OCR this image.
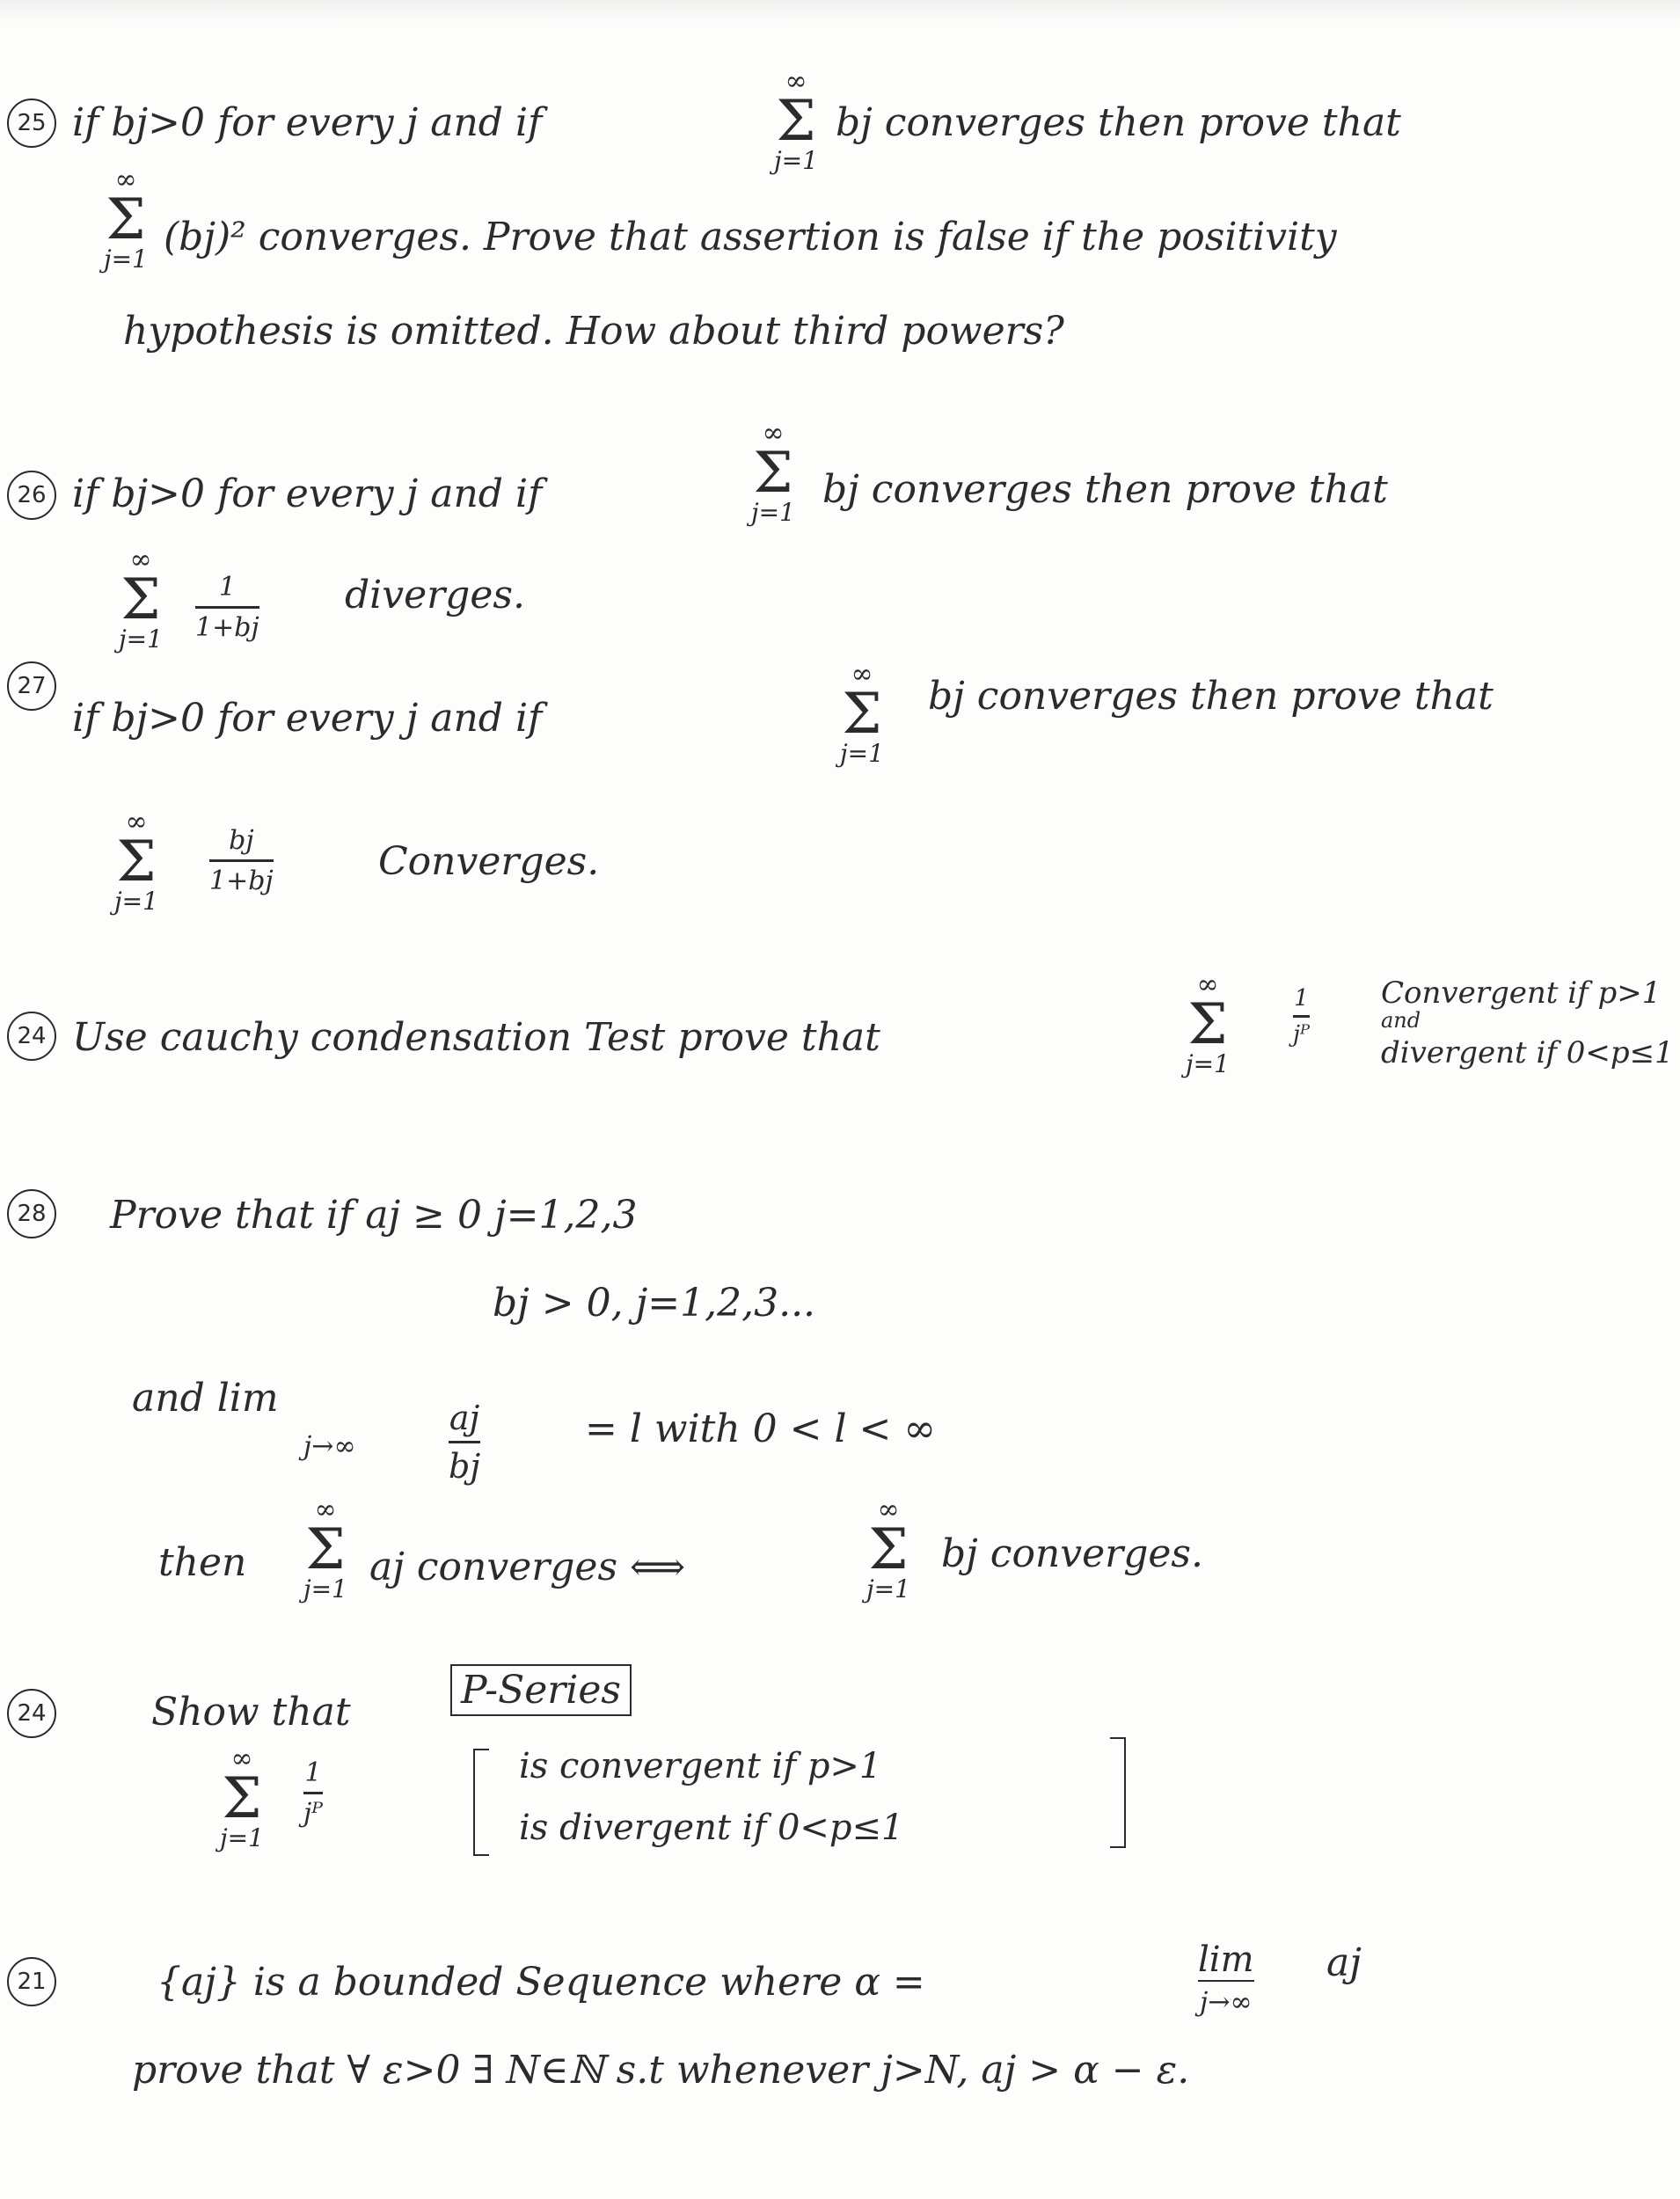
25 if bj>0 for every j and if
∞
Σ
j=1
bj converges then prove that
∞
Σ
j=1 (bj)² converges. Prove that assertion is false if the positivity
hypothesis is omitted. How about third powers?
26 if bj>0 for every j and if
∞
Σ
j=1
bj converges then prove that
∞
Σ
j=1
1
1+bj
diverges.
27
if bj>0 for every j and if
∞
Σ
j=1
bj converges then prove that
∞
Σ
j=1
bj
1+bj	Converges.
24 Use cauchy condensation Test prove that
∞
Σ
j=1
1
jᴾ
Convergent if p>1
and
divergent if 0<p≤1
28 Prove that if aj ≥ 0 j=1,2,3
bj > 0, j=1,2,3...
and lim
j→∞
aj
bj
= l with 0 < l < ∞
then
∞
Σ
j=1 aj converges ⟺
∞
Σ
j=1
bj converges.
24	Show that	P-Series
∞
Σ
j=1
1
jᴾ
is convergent if p>1
is divergent if 0<p≤1
21	{aj} is a bounded Sequence where α =	lim
j→∞
aj
prove that ∀ ε>0 ∃ N∈ℕ s.t whenever j>N, aj > α − ε.
